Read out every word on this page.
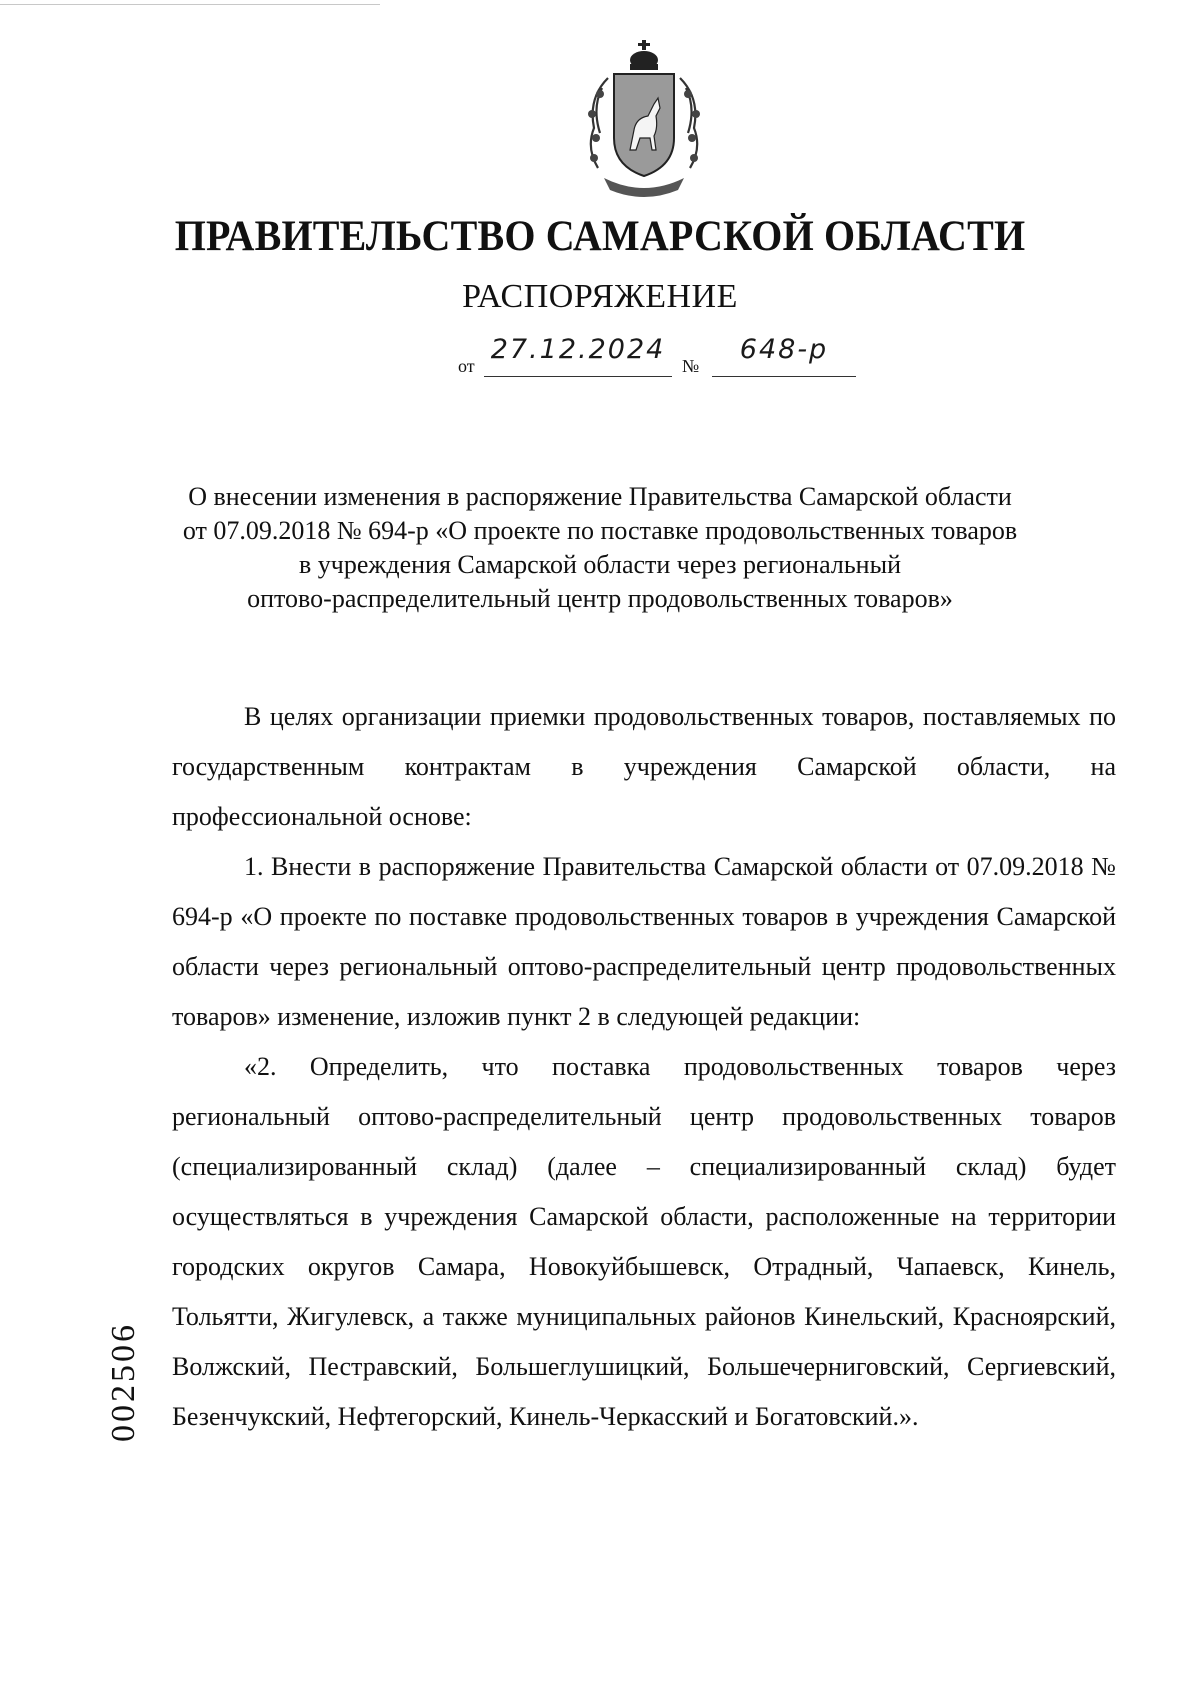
ПРАВИТЕЛЬСТВО САМАРСКОЙ ОБЛАСТИ
РАСПОРЯЖЕНИЕ
от
27.12.2024
№
648-р
О внесении изменения в распоряжение Правительства Самарской области
от 07.09.2018 № 694-р «О проекте по поставке продовольственных товаров
в учреждения Самарской области через региональный
оптово-распределительный центр продовольственных товаров»

В целях организации приемки продовольственных товаров, поставляемых по государственным контрактам в учреждения Самарской области, на профессиональной основе:

1. Внести в распоряжение Правительства Самарской области от 07.09.2018 № 694-р «О проекте по поставке продовольственных товаров в учреждения Самарской области через региональный оптово-распределительный центр продовольственных товаров» изменение, изложив пункт 2 в следующей редакции:

«2. Определить, что поставка продовольственных товаров через региональный оптово-распределительный центр продовольственных товаров (специализированный склад) (далее – специализированный склад) будет осуществляться в учреждения Самарской области, расположенные на территории городских округов Самара, Новокуйбышевск, Отрадный, Чапаевск, Кинель, Тольятти, Жигулевск, а также муниципальных районов Кинельский, Красноярский, Волжский, Пестравский, Большеглушицкий, Большечерниговский, Сергиевский, Безенчукский, Нефтегорский, Кинель-Черкасский и Богатовский.».

002506
